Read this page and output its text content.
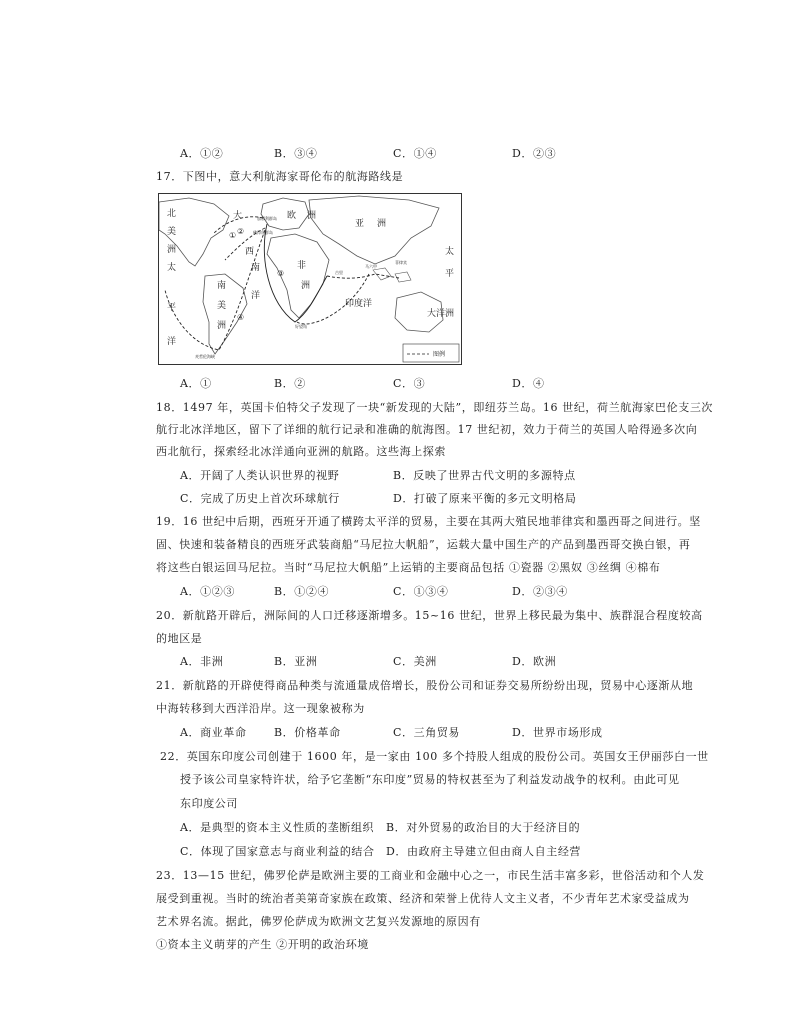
A．①②	B．③④	C．①④	D．②③
17．下图中，意大利航海家哥伦布的航海路线是
北
美
洲
太
平
洋
大
西
南
美
洲
欧 洲
亚 洲
非
洲
太
平
印度洋
大洋洲
洋
南
加那利群岛
好望角
古里
麦哲伦海峡
马六甲
佛得角群岛
菲律宾
① ②
③
④
图例
A．①	B．②	C．③	D．④
18．1497 年，英国卡伯特父子发现了一块“新发现的大陆”，即纽芬兰岛。16 世纪，荷兰航海家巴伦支三次
航行北冰洋地区，留下了详细的航行记录和准确的航海图。17 世纪初，效力于荷兰的英国人哈得逊多次向
西北航行，探索经北冰洋通向亚洲的航路。这些海上探索
A．开阔了人类认识世界的视野	B．反映了世界古代文明的多源特点
C．完成了历史上首次环球航行	D．打破了原来平衡的多元文明格局
19．16 世纪中后期，西班牙开通了横跨太平洋的贸易，主要在其两大殖民地菲律宾和墨西哥之间进行。坚
固、快速和装备精良的西班牙武装商船“马尼拉大帆船”，运载大量中国生产的产品到墨西哥交换白银，再
将这些白银运回马尼拉。当时“马尼拉大帆船”上运销的主要商品包括 ①瓷器 ②黑奴 ③丝绸 ④棉布
A．①②③	B．①②④	C．①③④	D．②③④
20．新航路开辟后，洲际间的人口迁移逐渐增多。15~16 世纪，世界上移民最为集中、族群混合程度较高
的地区是
A．非洲	B．亚洲	C．美洲	D．欧洲
21．新航路的开辟使得商品种类与流通量成倍增长，股份公司和证券交易所纷纷出现，贸易中心逐渐从地
中海转移到大西洋沿岸。这一现象被称为
A．商业革命 B．价格革命	C．三角贸易	D．世界市场形成
22．英国东印度公司创建于 1600 年，是一家由 100 多个持股人组成的股份公司。英国女王伊丽莎白一世
授予该公司皇家特许状，给予它垄断“东印度”贸易的特权甚至为了利益发动战争的权利。由此可见
东印度公司
A．是典型的资本主义性质的垄断组织 B．对外贸易的政治目的大于经济目的
C．体现了国家意志与商业利益的结合 D．由政府主导建立但由商人自主经营
23．13—15 世纪，佛罗伦萨是欧洲主要的工商业和金融中心之一，市民生活丰富多彩，世俗活动和个人发
展受到重视。当时的统治者美第奇家族在政策、经济和荣誉上优待人文主义者，不少青年艺术家受益成为
艺术界名流。据此，佛罗伦萨成为欧洲文艺复兴发源地的原因有
①资本主义萌芽的产生 ②开明的政治环境
